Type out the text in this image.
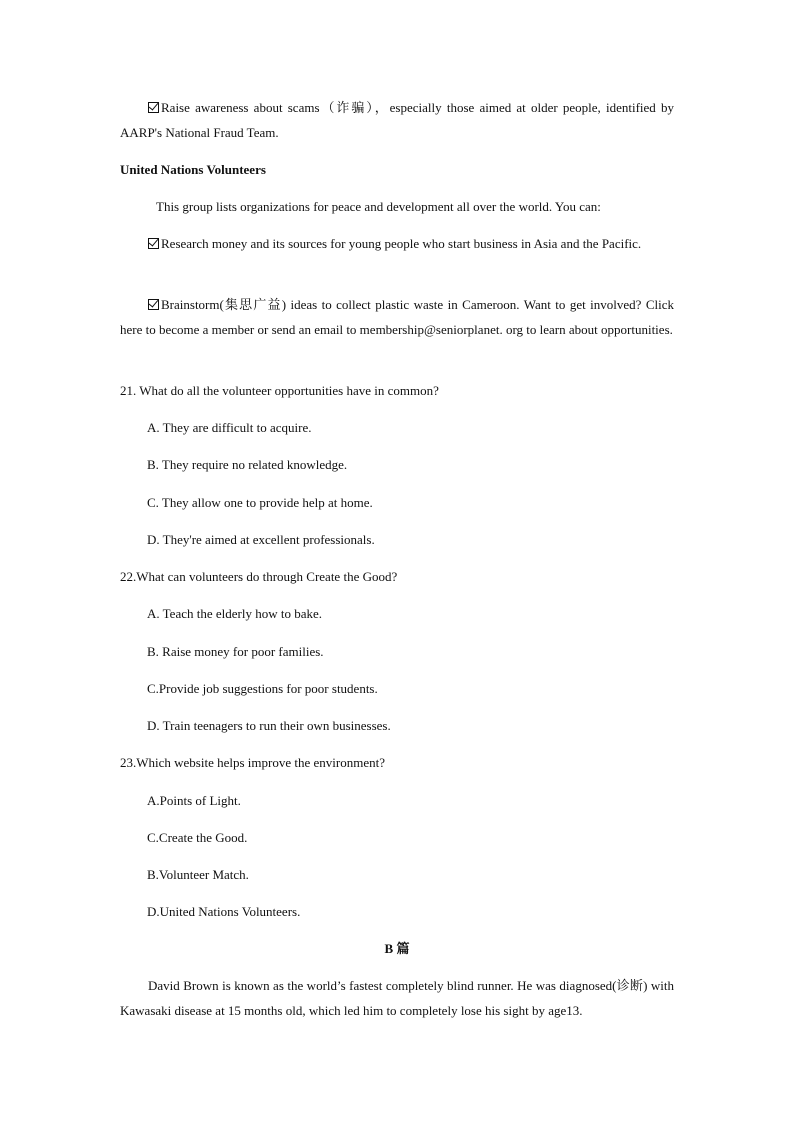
Raise awareness about scams（诈骗），especially those aimed at older people, identified by AARP's National Fraud Team.
United Nations Volunteers
This group lists organizations for peace and development all over the world. You can:
Research money and its sources for young people who start business in Asia and the Pacific.
Brainstorm(集思广益) ideas to collect plastic waste in Cameroon. Want to get involved? Click here to become a member or send an email to membership@seniorplanet. org to learn about opportunities.
21. What do all the volunteer opportunities have in common?
A. They are difficult to acquire.
B. They require no related knowledge.
C. They allow one to provide help at home.
D. They're aimed at excellent professionals.
22.What can volunteers do through Create the Good?
A. Teach the elderly how to bake.
B. Raise money for poor families.
C.Provide job suggestions for poor students.
D. Train teenagers to run their own businesses.
23.Which website helps improve the environment?
A.Points of Light.
C.Create the Good.
B.Volunteer Match.
D.United Nations Volunteers.
B 篇
David Brown is known as the world’s fastest completely blind runner. He was diagnosed(诊断) with Kawasaki disease at 15 months old, which led him to completely lose his sight by age13.
